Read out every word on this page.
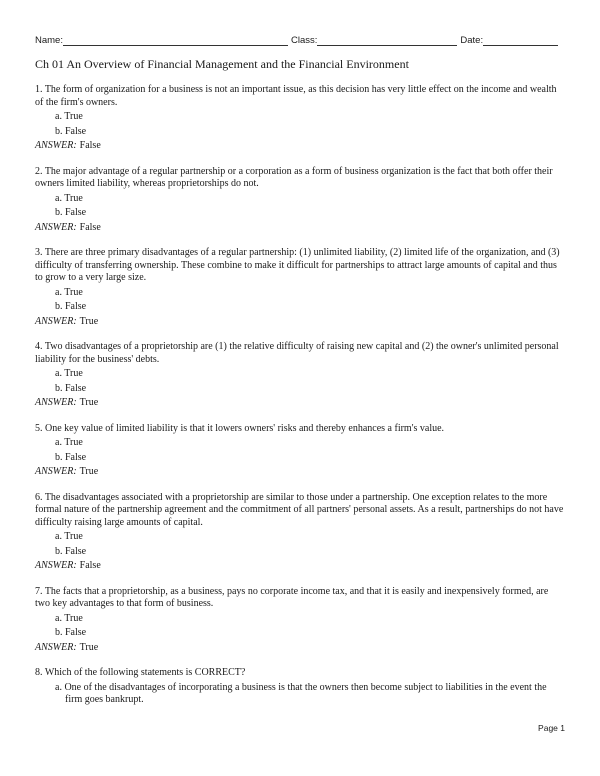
Name:	Class:	Date:
Ch 01 An Overview of Financial Management and the Financial Environment

1. The form of organization for a business is not an important issue, as this decision has very little effect on the income and wealth of the firm's owners.

a. True
b. False
ANSWER: False

2. The major advantage of a regular partnership or a corporation as a form of business organization is the fact that both offer their owners limited liability, whereas proprietorships do not.

a. True
b. False
ANSWER: False

3. There are three primary disadvantages of a regular partnership: (1) unlimited liability, (2) limited life of the organization, and (3) difficulty of transferring ownership. These combine to make it difficult for partnerships to attract large amounts of capital and thus to grow to a very large size.

a. True
b. False
ANSWER: True

4. Two disadvantages of a proprietorship are (1) the relative difficulty of raising new capital and (2) the owner's unlimited personal liability for the business' debts.

a. True
b. False
ANSWER: True

5. One key value of limited liability is that it lowers owners' risks and thereby enhances a firm's value.

a. True
b. False
ANSWER: True

6. The disadvantages associated with a proprietorship are similar to those under a partnership. One exception relates to the more formal nature of the partnership agreement and the commitment of all partners' personal assets. As a result, partnerships do not have difficulty raising large amounts of capital.

a. True
b. False
ANSWER: False

7. The facts that a proprietorship, as a business, pays no corporate income tax, and that it is easily and inexpensively formed, are two key advantages to that form of business.

a. True
b. False
ANSWER: True

8. Which of the following statements is CORRECT?

a. One of the disadvantages of incorporating a business is that the owners then become subject to liabilities in the event the firm goes bankrupt.
Page 1
